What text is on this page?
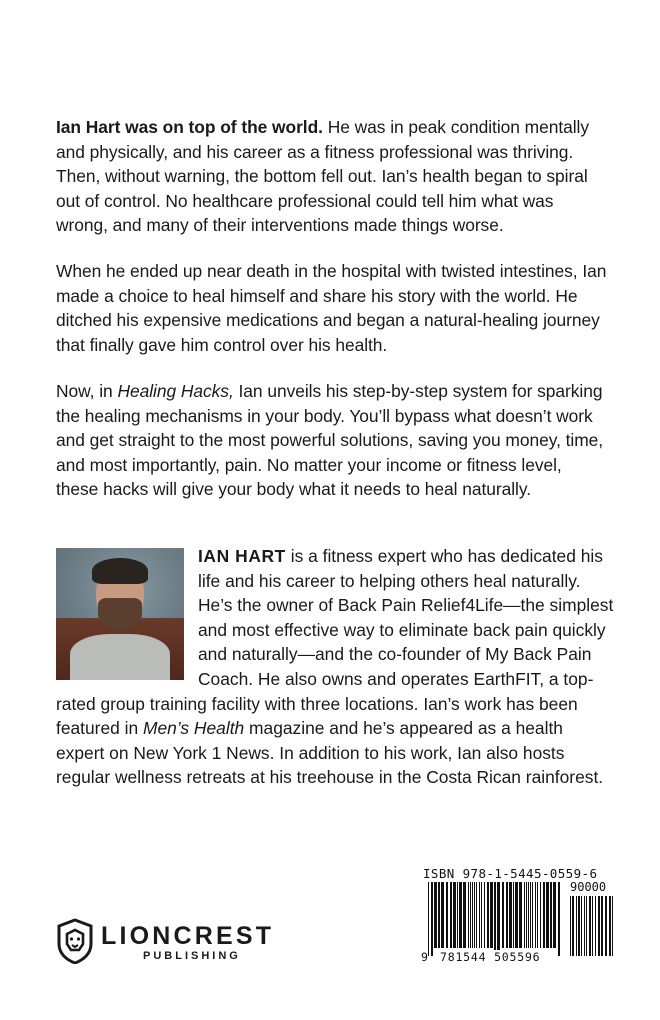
Ian Hart was on top of the world. He was in peak condition mentally and physically, and his career as a fitness professional was thriving. Then, without warning, the bottom fell out. Ian’s health began to spiral out of control. No healthcare professional could tell him what was wrong, and many of their interventions made things worse.

When he ended up near death in the hospital with twisted intestines, Ian made a choice to heal himself and share his story with the world. He ditched his expensive medications and began a natural-healing journey that finally gave him control over his health.

Now, in Healing Hacks, Ian unveils his step-by-step system for sparking the healing mechanisms in your body. You’ll bypass what doesn’t work and get straight to the most powerful solutions, saving you money, time, and most importantly, pain. No matter your income or fitness level, these hacks will give your body what it needs to heal naturally.

IAN HART is a fitness expert who has dedicated his life and his career to helping others heal naturally. He’s the owner of Back Pain Relief4Life—the simplest and most effective way to eliminate back pain quickly and naturally—and the co-founder of My Back Pain Coach. He also owns and operates EarthFIT, a top-rated group training facility with three locations. Ian’s work has been featured in Men’s Health magazine and he’s appeared as a health expert on New York 1 News. In addition to his work, Ian also hosts regular wellness retreats at his treehouse in the Costa Rican rainforest.
LIONCREST
PUBLISHING
ISBN 978-1-5445-0559-6
90000
9 781544 505596
